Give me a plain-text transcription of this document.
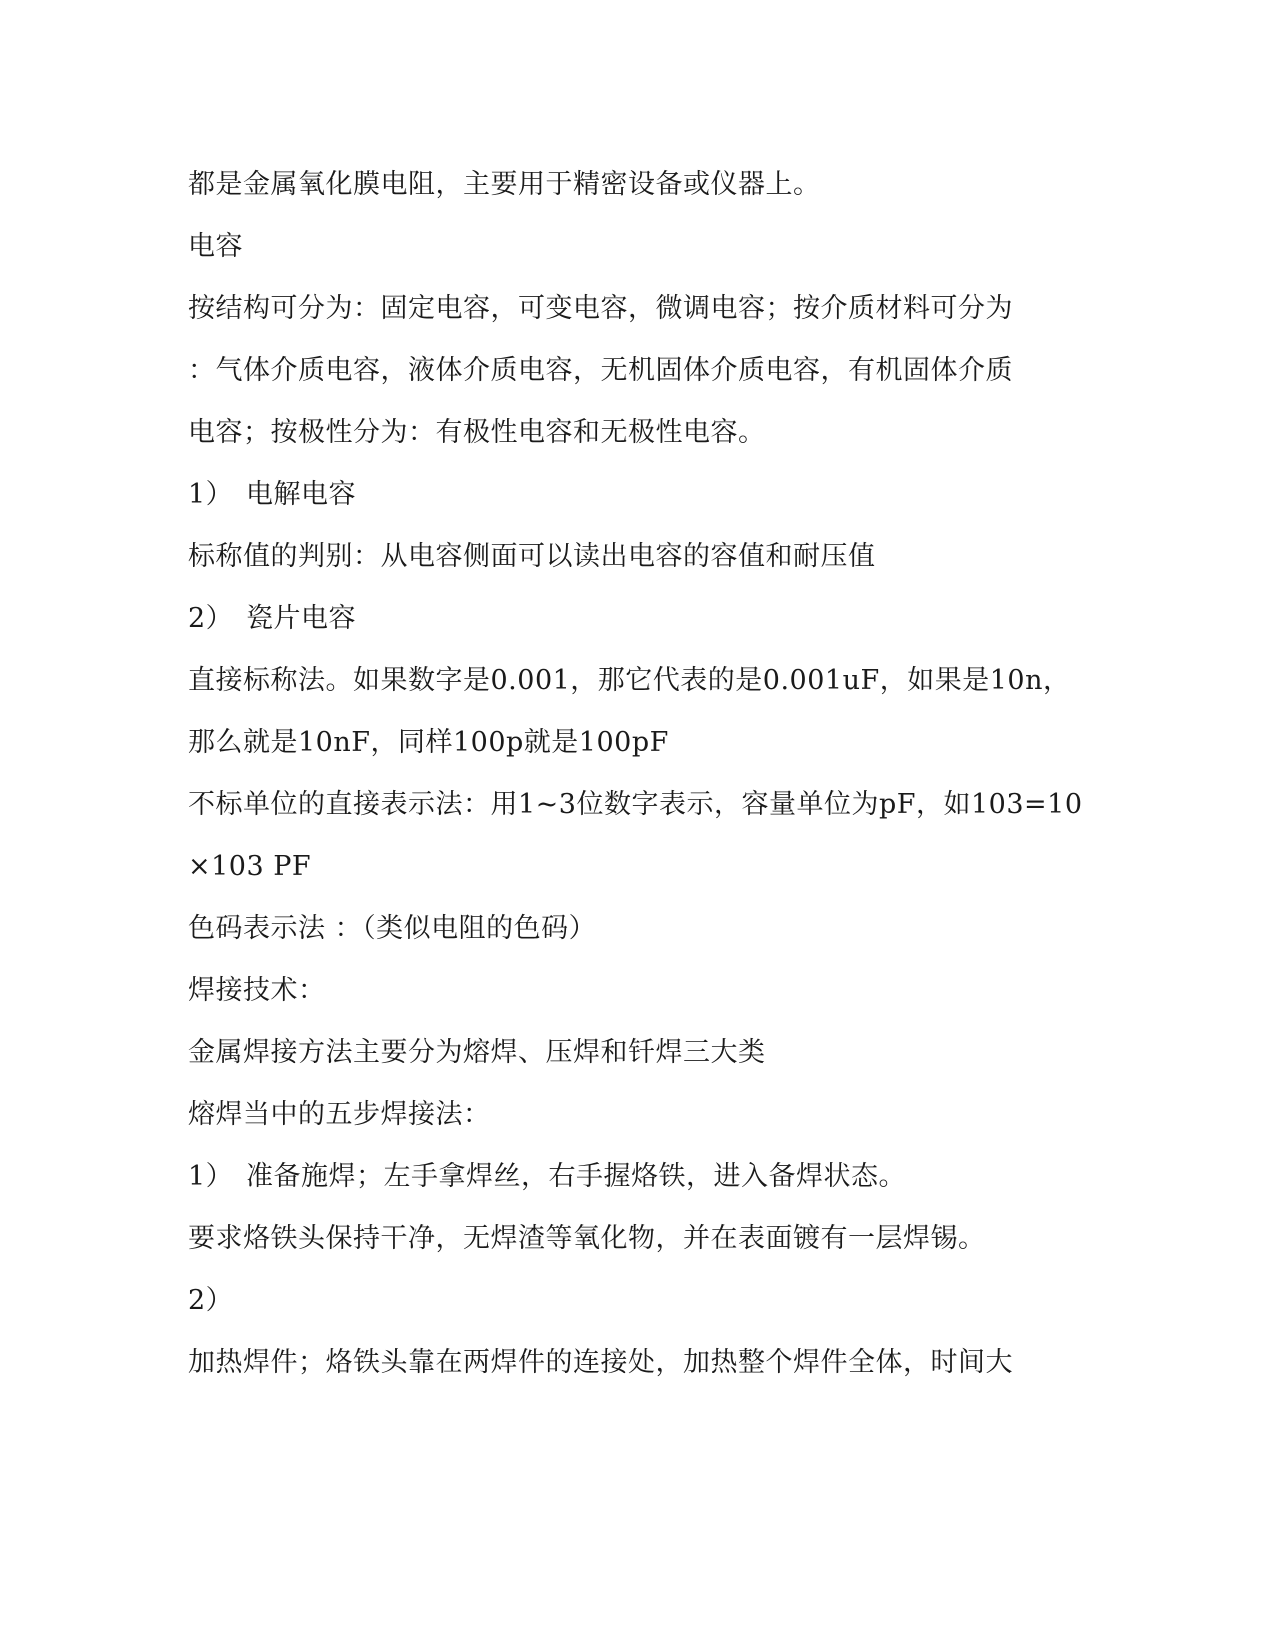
都是金属氧化膜电阻，主要用于精密设备或仪器上。
电容
按结构可分为：固定电容，可变电容，微调电容；按介质材料可分为
：气体介质电容，液体介质电容，无机固体介质电容，有机固体介质
电容；按极性分为：有极性电容和无极性电容。
1） 电解电容
标称值的判别：从电容侧面可以读出电容的容值和耐压值
2） 瓷片电容
直接标称法。如果数字是0.001，那它代表的是0.001uF，如果是10n，
那么就是10nF，同样100p就是100pF
不标单位的直接表示法：用1~3位数字表示，容量单位为pF，如103=10
×103 PF
色码表示法 ：（类似电阻的色码）
焊接技术：
金属焊接方法主要分为熔焊、压焊和钎焊三大类
熔焊当中的五步焊接法：
1） 准备施焊；左手拿焊丝，右手握烙铁，进入备焊状态。
要求烙铁头保持干净，无焊渣等氧化物，并在表面镀有一层焊锡。
2）
加热焊件；烙铁头靠在两焊件的连接处，加热整个焊件全体，时间大
